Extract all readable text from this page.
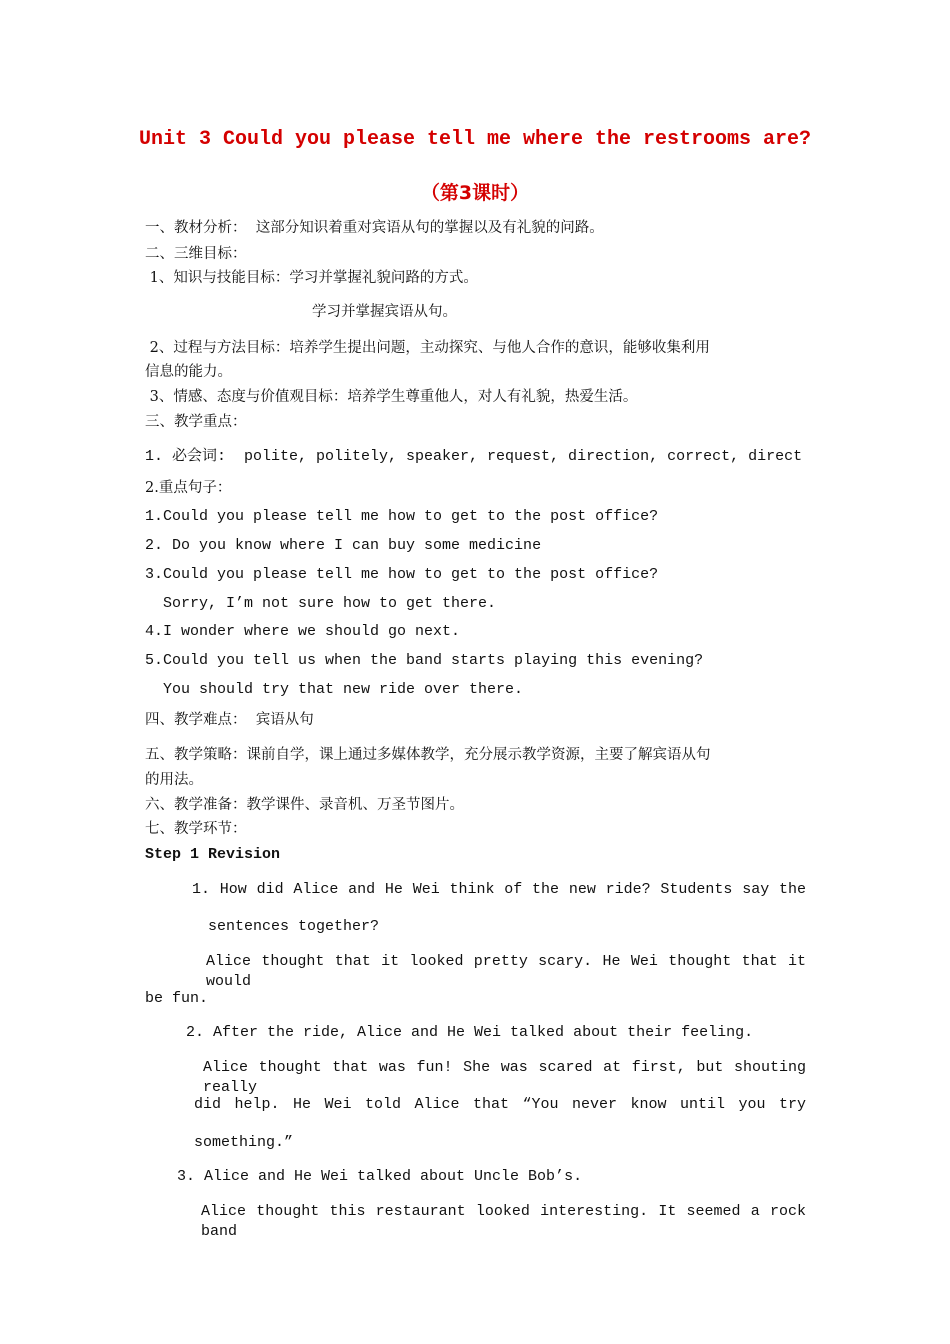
Unit 3 Could you please tell me where the restrooms are?
（第3课时）
一、教材分析：  这部分知识着重对宾语从句的掌握以及有礼貌的问路。
二、三维目标：
1、知识与技能目标：学习并掌握礼貌问路的方式。
学习并掌握宾语从句。
2、过程与方法目标：培养学生提出问题，主动探究、与他人合作的意识，能够收集利用
信息的能力。
3、情感、态度与价值观目标：培养学生尊重他人，对人有礼貌，热爱生活。
三、教学重点：
1. 必会词:  polite, politely, speaker, request, direction, correct, direct
2.重点句子：
1.Could you please tell me how to get to the post office?
2. Do you know where I can buy some medicine
3.Could you please tell me how to get to the post office?
Sorry, I’m not sure how to get there.
4.I wonder where we should go next.
5.Could you tell us when the band starts playing this evening?
You should try that new ride over there.
四、教学难点：  宾语从句
五、教学策略：课前自学，课上通过多媒体教学，充分展示教学资源，主要了解宾语从句
的用法。
六、教学准备：教学课件、录音机、万圣节图片。
七、教学环节：
Step 1 Revision
1. How did Alice and He Wei think of the new ride? Students say the
sentences together?
Alice thought that it looked pretty scary. He Wei thought that it would
be fun.
2. After the ride, Alice and He Wei talked about their feeling.
Alice thought that was fun! She was scared at first, but shouting really
did help. He Wei told Alice that “You never know until you try
something.”
3. Alice and He Wei talked about Uncle Bob’s.
Alice thought this restaurant looked interesting. It seemed a rock band
